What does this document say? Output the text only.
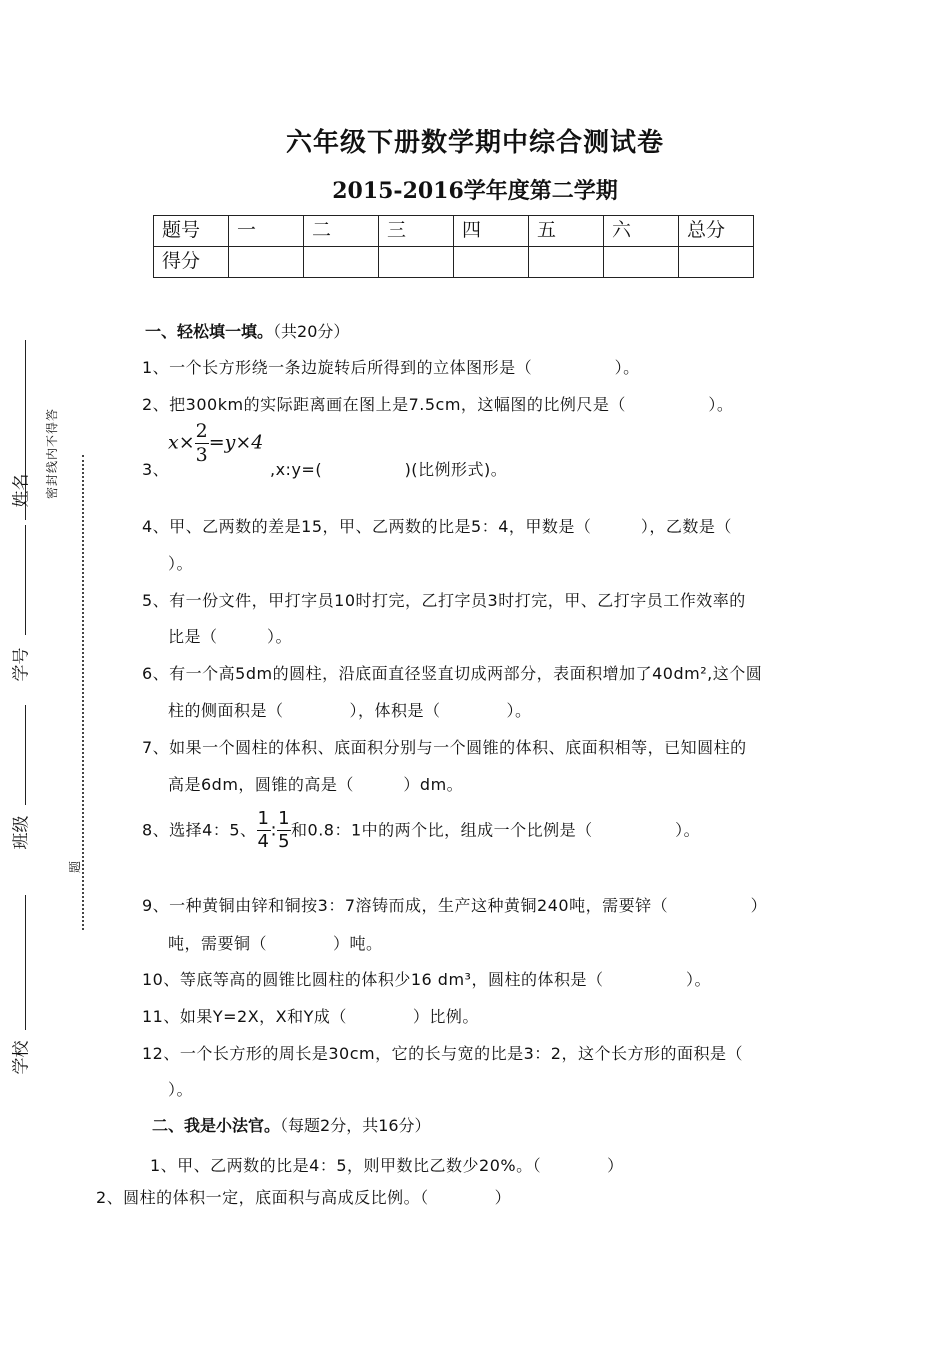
六年级下册数学期中综合测试卷
2015-2016学年度第二学期
题号	一	二	三	四	五	六	总分
得分							
姓名
学号
班级
学校
密封线内不得答
题
一、轻松填一填。（共20分）
1、一个长方形绕一条边旋转后所得到的立体图形是（　　　　　）。
2、把300km的实际距离画在图上是7.5cm，这幅图的比例尺是（　　　　　）。
$x\times \frac{2}{3} =y\times 4$
3、	,x:y=(　　　　　)(比例形式)。
4、甲、乙两数的差是15，甲、乙两数的比是5：4，甲数是（　　　），乙数是（
）。
5、有一份文件，甲打字员10时打完，乙打字员3时打完，甲、乙打字员工作效率的
比是（　　　）。
6、有一个高5dm的圆柱，沿底面直径竖直切成两部分，表面积增加了40dm²,这个圆
柱的侧面积是（　　　　），体积是（　　　　）。
7、如果一个圆柱的体积、底面积分别与一个圆锥的体积、底面积相等，已知圆柱的
高是6dm，圆锥的高是（　　　）dm。
8、选择4：5、 $\frac{1}{4}$ : $\frac{1}{5}$ 和0.8：1中的两个比，组成一个比例是（　　　　　）。
9、一种黄铜由锌和铜按3：7溶铸而成，生产这种黄铜240吨，需要锌（　　　　　）
吨，需要铜（　　　　）吨。
10、等底等高的圆锥比圆柱的体积少16 dm³，圆柱的体积是（　　　　　）。
11、如果Y=2X，X和Y成（　　　　）比例。
12、一个长方形的周长是30cm，它的长与宽的比是3：2，这个长方形的面积是（
）。
二、我是小法官。（每题2分，共16分）
1、甲、乙两数的比是4：5，则甲数比乙数少20%。（　　　　）
2、圆柱的体积一定，底面积与高成反比例。（　　　　）
